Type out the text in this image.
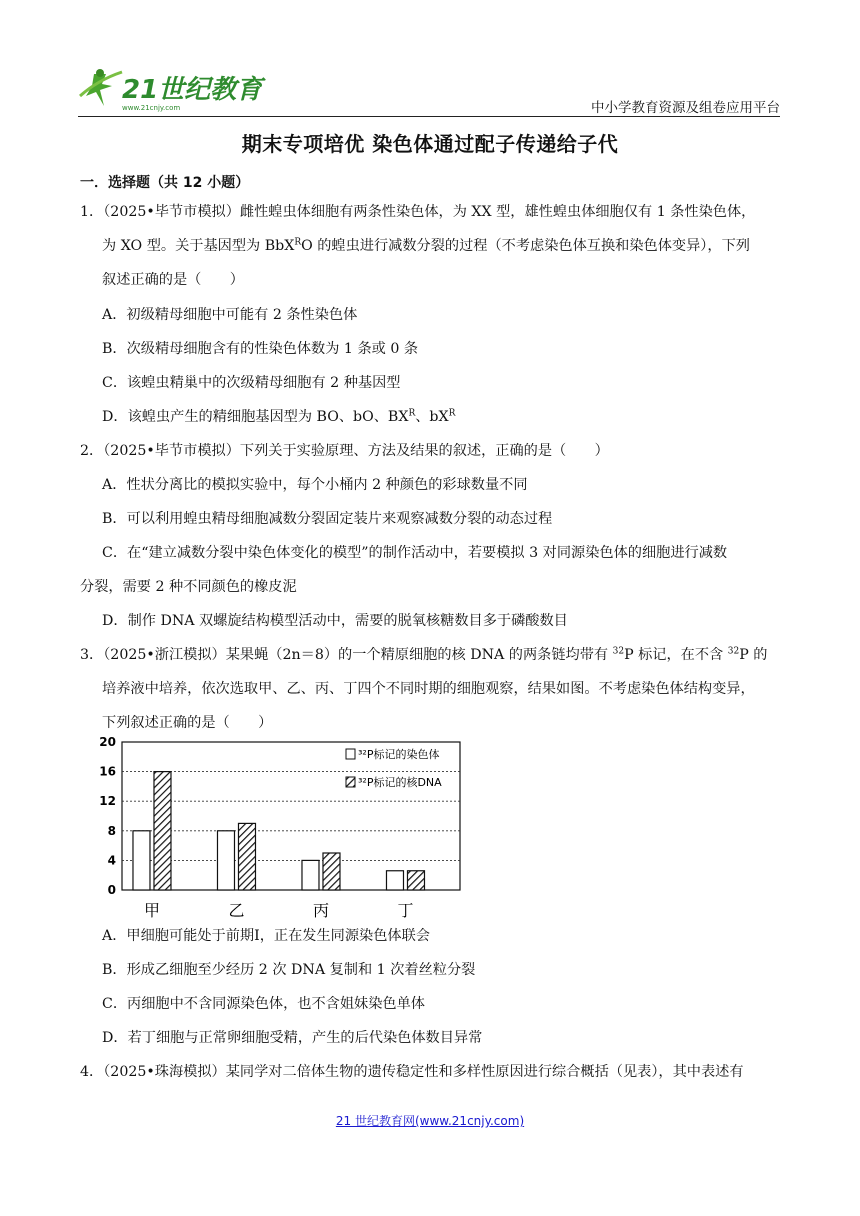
21世纪教育
www.21cnjy.com	中小学教育资源及组卷应用平台
期末专项培优 染色体通过配子传递给子代
一．选择题（共 12 小题）
1．（2025•毕节市模拟）雌性蝗虫体细胞有两条性染色体，为 XX 型，雄性蝗虫体细胞仅有 1 条性染色体，
为 XO 型。关于基因型为 BbX$^R$O 的蝗虫进行减数分裂的过程（不考虑染色体互换和染色体变异），下列
叙述正确的是（　　）
A．初级精母细胞中可能有 2 条性染色体
B．次级精母细胞含有的性染色体数为 1 条或 0 条
C．该蝗虫精巢中的次级精母细胞有 2 种基因型
D．该蝗虫产生的精细胞基因型为 BO、bO、$BX^R$、$bX^R$
2．（2025•毕节市模拟）下列关于实验原理、方法及结果的叙述，正确的是（　　）
A．性状分离比的模拟实验中，每个小桶内 2 种颜色的彩球数量不同
B．可以利用蝗虫精母细胞减数分裂固定装片来观察减数分裂的动态过程
C．在“建立减数分裂中染色体变化的模型”的制作活动中，若要模拟 3 对同源染色体的细胞进行减数
分裂，需要 2 种不同颜色的橡皮泥
D．制作 DNA 双螺旋结构模型活动中，需要的脱氧核糖数目多于磷酸数目
3．（2025•浙江模拟）某果蝇（2n＝8）的一个精原细胞的核 DNA 的两条链均带有 $^{32}$P 标记，在不含 $^{32}$P 的
培养液中培养，依次选取甲、乙、丙、丁四个不同时期的细胞观察，结果如图。不考虑染色体结构变异，
下列叙述正确的是（　　）
0
4
8
12
16
20
甲	乙	丙	丁
³²P标记的染色体
³²P标记的核DNA
A．甲细胞可能处于前期Ⅰ，正在发生同源染色体联会
B．形成乙细胞至少经历 2 次 DNA 复制和 1 次着丝粒分裂
C．丙细胞中不含同源染色体，也不含姐妹染色单体
D．若丁细胞与正常卵细胞受精，产生的后代染色体数目异常
4．（2025•珠海模拟）某同学对二倍体生物的遗传稳定性和多样性原因进行综合概括（见表），其中表述有
21 世纪教育网(www.21cnjy.com)
